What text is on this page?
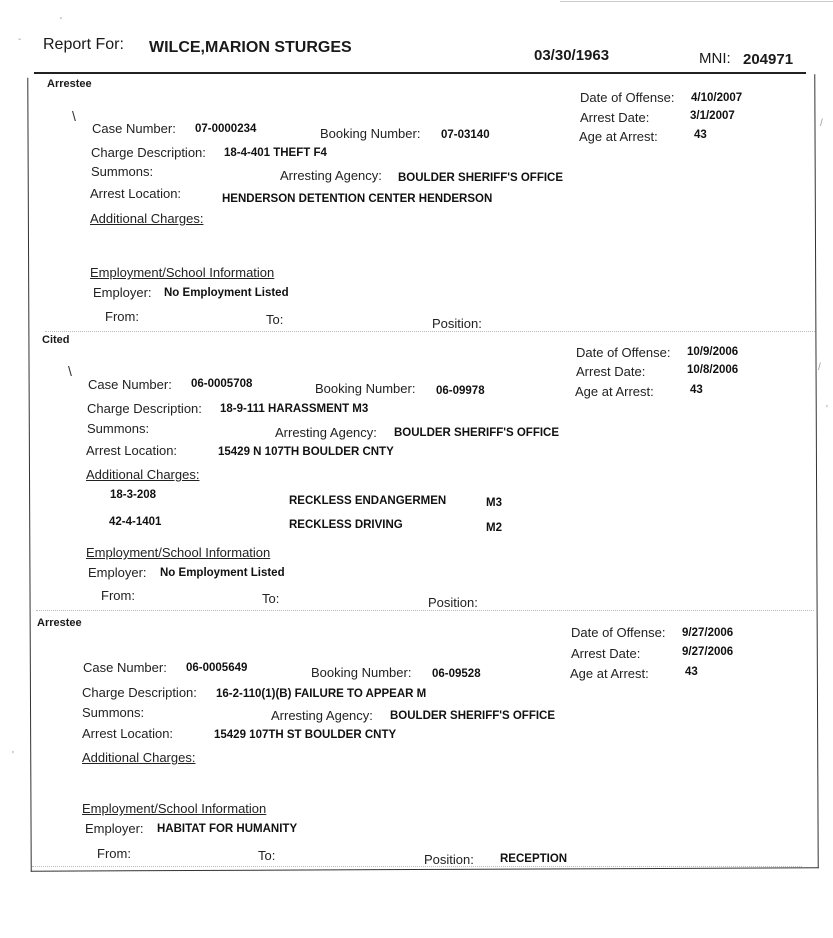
'
- Report For: WILCE,MARION STURGES	03/30/1963	MNI: 204971
Arrestee
Date of Offense: 4/10/2007
Arrest Date:	3/1/2007
Age at Arrest:	43
\
Case Number: 07-0000234	Booking Number: 07-03140
Charge Description: 18-4-401 THEFT F4
Summons:	Arresting Agency: BOULDER SHERIFF'S OFFICE
Arrest Location:	HENDERSON DETENTION CENTER HENDERSON
Additional Charges:
Employment/School Information
Employer: No Employment Listed
From:	To:	Position:
Cited
Date of Offense: 10/9/2006
Arrest Date:	10/8/2006
Age at Arrest:	43
\
Case Number: 06-0005708	Booking Number: 06-09978
Charge Description: 18-9-111 HARASSMENT M3
Summons:	Arresting Agency: BOULDER SHERIFF'S OFFICE
Arrest Location:	15429 N 107TH BOULDER CNTY
Additional Charges:
18-3-208	RECKLESS ENDANGERMEN	M3
42-4-1401	RECKLESS DRIVING	M2
Employment/School Information
Employer: No Employment Listed
From:	To:	Position:
Arrestee
Date of Offense: 9/27/2006
Arrest Date:	9/27/2006
Age at Arrest:	43
Case Number: 06-0005649	Booking Number: 06-09528
Charge Description: 16-2-110(1)(B) FAILURE TO APPEAR M
Summons:	Arresting Agency: BOULDER SHERIFF'S OFFICE
Arrest Location:	15429 107TH ST BOULDER CNTY
Additional Charges:
Employment/School Information
Employer: HABITAT FOR HUMANITY
From:	To:	Position: RECEPTION
/
/
'
'
